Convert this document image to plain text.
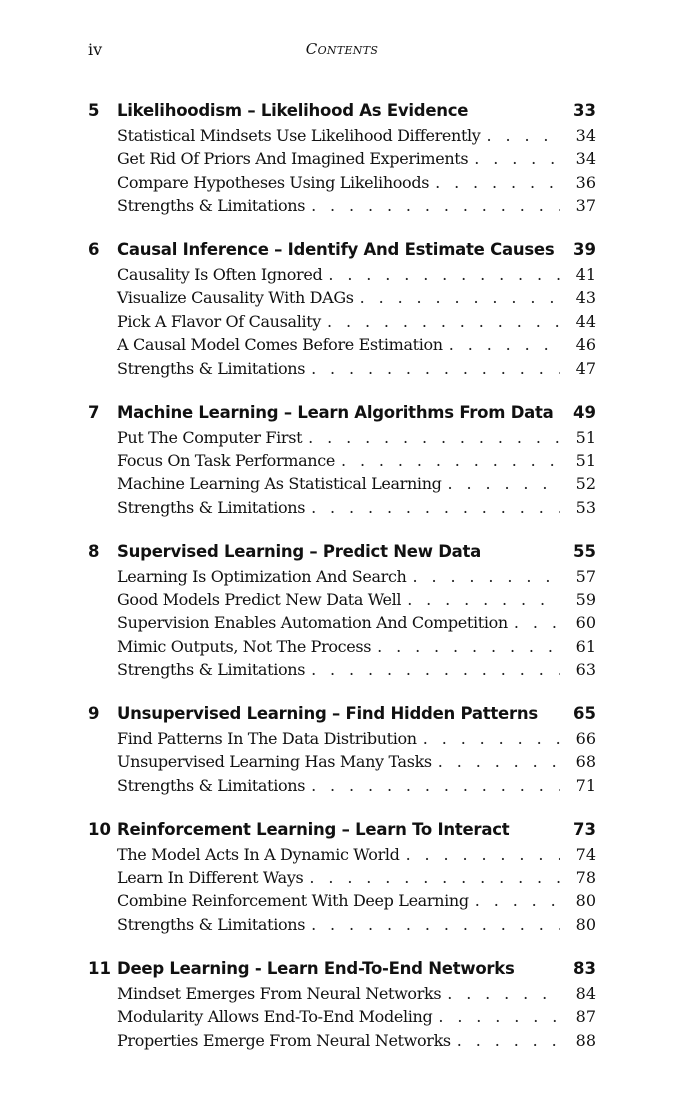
iv	Contents
5	Likelihoodism – Likelihood As Evidence	33
Statistical Mindsets Use Likelihood Differently . . .	34
Get Rid Of Priors And Imagined Experiments . . .	34
Compare Hypotheses Using Likelihoods . . .	36
Strengths & Limitations . . .	37
6	Causal Inference – Identify And Estimate Causes	39
Causality Is Often Ignored . . .	41
Visualize Causality With DAGs . . .	43
Pick A Flavor Of Causality . . .	44
A Causal Model Comes Before Estimation . . .	46
Strengths & Limitations . . .	47
7	Machine Learning – Learn Algorithms From Data	49
Put The Computer First . . .	51
Focus On Task Performance . . .	51
Machine Learning As Statistical Learning . . .	52
Strengths & Limitations . . .	53
8	Supervised Learning – Predict New Data	55
Learning Is Optimization And Search . . .	57
Good Models Predict New Data Well . . .	59
Supervision Enables Automation And Competition . . .	60
Mimic Outputs, Not The Process . . .	61
Strengths & Limitations . . .	63
9	Unsupervised Learning – Find Hidden Patterns	65
Find Patterns In The Data Distribution . . .	66
Unsupervised Learning Has Many Tasks . . .	68
Strengths & Limitations . . .	71
10 Reinforcement Learning – Learn To Interact	73
The Model Acts In A Dynamic World . . .	74
Learn In Different Ways . . .	78
Combine Reinforcement With Deep Learning . . .	80
Strengths & Limitations . . .	80
11 Deep Learning - Learn End-To-End Networks	83
Mindset Emerges From Neural Networks . . .	84
Modularity Allows End-To-End Modeling . . .	87
Properties Emerge From Neural Networks . . .	88
